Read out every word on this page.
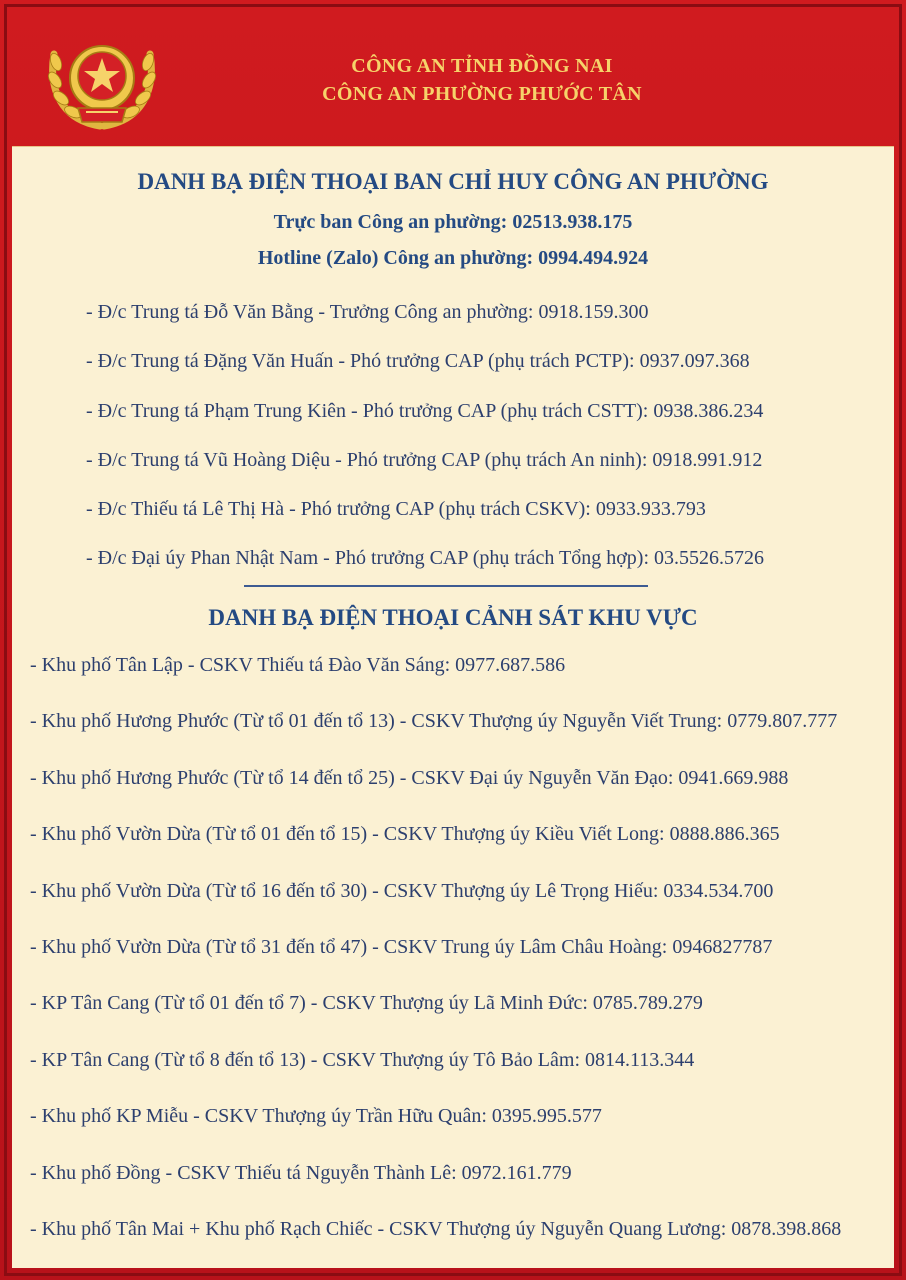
CÔNG AN TỈNH ĐỒNG NAI
CÔNG AN PHƯỜNG PHƯỚC TÂN
DANH BẠ ĐIỆN THOẠI BAN CHỈ HUY CÔNG AN PHƯỜNG
Trực ban Công an phường: 02513.938.175
Hotline (Zalo) Công an phường: 0994.494.924
- Đ/c Trung tá Đỗ Văn Bằng - Trưởng Công an phường: 0918.159.300
- Đ/c Trung tá Đặng Văn Huấn - Phó trưởng CAP (phụ trách PCTP): 0937.097.368
- Đ/c Trung tá Phạm Trung Kiên - Phó trưởng CAP (phụ trách CSTT): 0938.386.234
- Đ/c Trung tá Vũ Hoàng Diệu - Phó trưởng CAP (phụ trách An ninh): 0918.991.912
- Đ/c Thiếu tá Lê Thị Hà - Phó trưởng CAP (phụ trách CSKV): 0933.933.793
- Đ/c Đại úy Phan Nhật Nam - Phó trưởng CAP (phụ trách Tổng hợp): 03.5526.5726
DANH BẠ ĐIỆN THOẠI CẢNH SÁT KHU VỰC
- Khu phố Tân Lập - CSKV Thiếu tá Đào Văn Sáng: 0977.687.586
- Khu phố Hương Phước (Từ tổ 01 đến tổ 13) - CSKV Thượng úy Nguyễn Viết Trung: 0779.807.777
- Khu phố Hương Phước (Từ tổ 14 đến tổ 25) - CSKV Đại úy Nguyễn Văn Đạo: 0941.669.988
- Khu phố Vườn Dừa (Từ tổ 01 đến tổ 15) - CSKV Thượng úy Kiều Viết Long: 0888.886.365
- Khu phố Vườn Dừa (Từ tổ 16 đến tổ 30) - CSKV Thượng úy Lê Trọng Hiếu: 0334.534.700
- Khu phố Vườn Dừa (Từ tổ 31 đến tổ 47) - CSKV Trung úy Lâm Châu Hoàng: 0946827787
- KP Tân Cang (Từ tổ 01 đến tổ 7) - CSKV Thượng úy Lã Minh Đức: 0785.789.279
- KP Tân Cang (Từ tổ 8 đến tổ 13) - CSKV Thượng úy Tô Bảo Lâm: 0814.113.344
- Khu phố KP Miễu - CSKV Thượng úy Trần Hữu Quân: 0395.995.577
- Khu phố Đồng - CSKV Thiếu tá Nguyễn Thành Lê: 0972.161.779
- Khu phố Tân Mai + Khu phố Rạch Chiếc - CSKV Thượng úy Nguyễn Quang Lương: 0878.398.868
